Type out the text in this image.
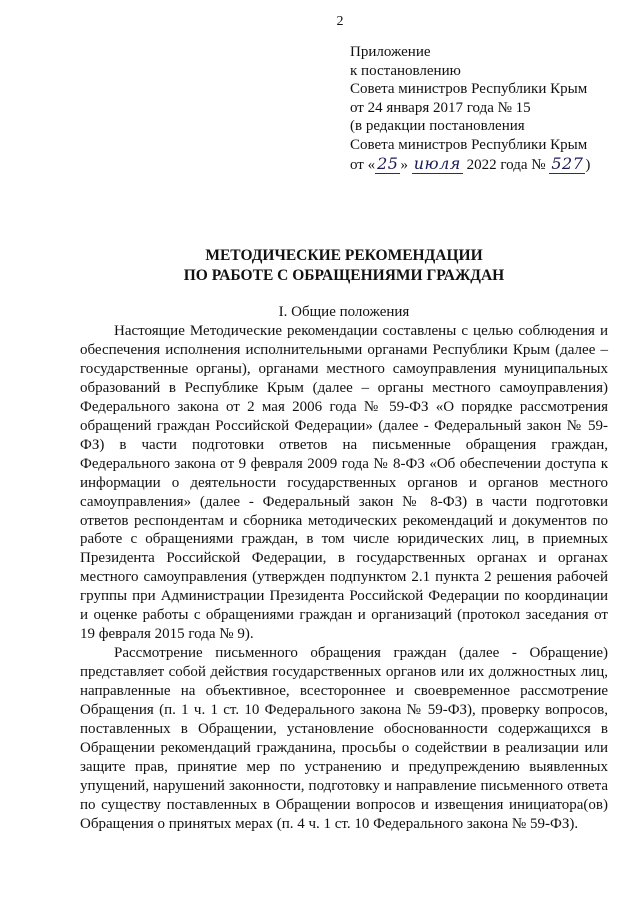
2
Приложение
к постановлению
Совета министров Республики Крым
от 24 января 2017 года № 15
(в редакции постановления
Совета министров Республики Крым
от « 25 » июля 2022 года № 527 )
МЕТОДИЧЕСКИЕ РЕКОМЕНДАЦИИ
ПО РАБОТЕ С ОБРАЩЕНИЯМИ ГРАЖДАН
I. Общие положения

Настоящие Методические рекомендации составлены с целью соблюдения и обеспечения исполнения исполнительными органами Республики Крым (далее – государственные органы), органами местного самоуправления муниципальных образований в Республике Крым (далее – органы местного самоуправления) Федерального закона от 2 мая 2006 года № 59-ФЗ «О порядке рассмотрения обращений граждан Российской Федерации» (далее - Федеральный закон № 59-ФЗ) в части подготовки ответов на письменные обращения граждан, Федерального закона от 9 февраля 2009 года № 8-ФЗ «Об обеспечении доступа к информации о деятельности государственных органов и органов местного самоуправления» (далее - Федеральный закон № 8-ФЗ) в части подготовки ответов респондентам и сборника методических рекомендаций и документов по работе с обращениями граждан, в том числе юридических лиц, в приемных Президента Российской Федерации, в государственных органах и органах местного самоуправления (утвержден подпунктом 2.1 пункта 2 решения рабочей группы при Администрации Президента Российской Федерации по координации и оценке работы с обращениями граждан и организаций (протокол заседания от 19 февраля 2015 года № 9).

Рассмотрение письменного обращения граждан (далее - Обращение) представляет собой действия государственных органов или их должностных лиц, направленные на объективное, всестороннее и своевременное рассмотрение Обращения (п. 1 ч. 1 ст. 10 Федерального закона № 59-ФЗ), проверку вопросов, поставленных в Обращении, установление обоснованности содержащихся в Обращении рекомендаций гражданина, просьбы о содействии в реализации или защите прав, принятие мер по устранению и предупреждению выявленных упущений, нарушений законности, подготовку и направление письменного ответа по существу поставленных в Обращении вопросов и извещения инициатора(ов) Обращения о принятых мерах (п. 4 ч. 1 ст. 10 Федерального закона № 59-ФЗ).
